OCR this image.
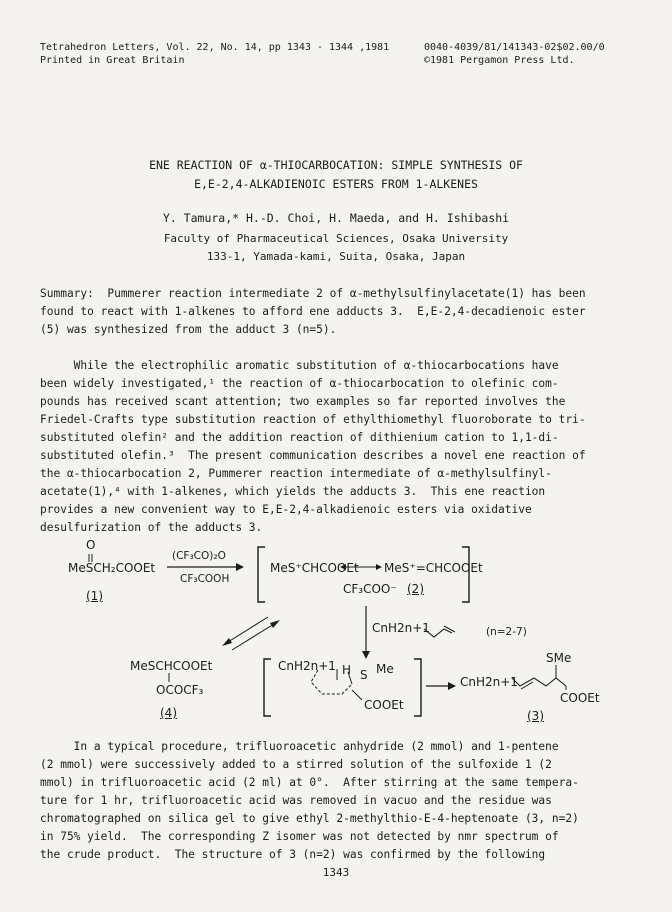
Tetrahedron Letters, Vol. 22, No. 14, pp 1343 - 1344 ,1981
Printed in Great Britain
0040-4039/81/141343-02$02.00/0
©1981 Pergamon Press Ltd.
ENE REACTION OF α-THIOCARBOCATION: SIMPLE SYNTHESIS OF
E,E-2,4-ALKADIENOIC ESTERS FROM 1-ALKENES
Y. Tamura,* H.-D. Choi, H. Maeda, and H. Ishibashi
Faculty of Pharmaceutical Sciences, Osaka University
133-1, Yamada-kami, Suita, Osaka, Japan
Summary:  Pummerer reaction intermediate 2 of α-methylsulfinylacetate(1) has been
found to react with 1-alkenes to afford ene adducts 3.  E,E-2,4-decadienoic ester
(5) was synthesized from the adduct 3 (n=5).
While the electrophilic aromatic substitution of α-thiocarbocations have
been widely investigated,¹ the reaction of α-thiocarbocation to olefinic com-
pounds has received scant attention; two examples so far reported involves the
Friedel-Crafts type substitution reaction of ethylthiomethyl fluoroborate to tri-
substituted olefin² and the addition reaction of dithienium cation to 1,1-di-
substituted olefin.³  The present communication describes a novel ene reaction of
the α-thiocarbocation 2, Pummerer reaction intermediate of α-methylsulfinyl-
acetate(1),⁴ with 1-alkenes, which yields the adducts 3.  This ene reaction
provides a new convenient way to E,E-2,4-alkadienoic esters via oxidative
desulfurization of the adducts 3.
O
MeSCH₂COOEt
(1)
(CF₃CO)₂O
CF₃COOH
MeS⁺CHCOOEt MeS⁺=CHCOOEt
CF₃COO⁻ (2)
CnH2n+1	(n=2-7)
MeSCHCOOEt
OCOCF₃
(4)
CnH2n+1 H S Me
COOEt
CnH2n+1
SMe
COOEt
(3)
In a typical procedure, trifluoroacetic anhydride (2 mmol) and 1-pentene
(2 mmol) were successively added to a stirred solution of the sulfoxide 1 (2
mmol) in trifluoroacetic acid (2 ml) at 0°.  After stirring at the same tempera-
ture for 1 hr, trifluoroacetic acid was removed in vacuo and the residue was
chromatographed on silica gel to give ethyl 2-methylthio-E-4-heptenoate (3, n=2)
in 75% yield.  The corresponding Z isomer was not detected by nmr spectrum of
the crude product.  The structure of 3 (n=2) was confirmed by the following
1343
